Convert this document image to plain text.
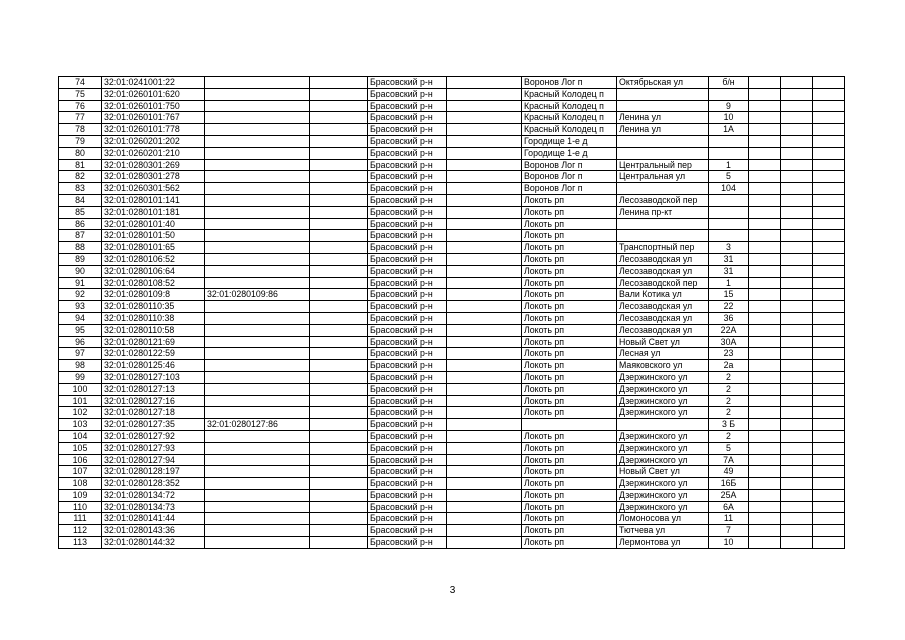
74	32:01:0241001:22			Брасовский р-н		Воронов Лог п	Октябрьская ул	б/н			
75	32:01:0260101:620			Брасовский р-н		Красный Колодец п					
76	32:01:0260101:750			Брасовский р-н		Красный Колодец п		9			
77	32:01:0260101:767			Брасовский р-н		Красный Колодец п	Ленина ул	10			
78	32:01:0260101:778			Брасовский р-н		Красный Колодец п	Ленина ул	1А			
79	32:01:0260201:202			Брасовский р-н		Городище 1-е д					
80	32:01:0260201:210			Брасовский р-н		Городище 1-е д					
81	32:01:0280301:269			Брасовский р-н		Воронов Лог п	Центральный пер	1			
82	32:01:0280301:278			Брасовский р-н		Воронов Лог п	Центральная ул	5			
83	32:01:0260301:562			Брасовский р-н		Воронов Лог п		104			
84	32:01:0280101:141			Брасовский р-н		Локоть рп	Лесозаводской пер				
85	32:01:0280101:181			Брасовский р-н		Локоть рп	Ленина пр-кт				
86	32:01:0280101:40			Брасовский р-н		Локоть рп					
87	32:01:0280101:50			Брасовский р-н		Локоть рп					
88	32:01:0280101:65			Брасовский р-н		Локоть рп	Транспортный пер	3			
89	32:01:0280106:52			Брасовский р-н		Локоть рп	Лесозаводская ул	31			
90	32:01:0280106:64			Брасовский р-н		Локоть рп	Лесозаводская ул	31			
91	32:01:0280108:52			Брасовский р-н		Локоть рп	Лесозаводской пер	1			
92	32:01:0280109:8	32:01:0280109:86		Брасовский р-н		Локоть рп	Вали Котика ул	15			
93	32:01:0280110:35			Брасовский р-н		Локоть рп	Лесозаводская ул	22			
94	32:01:0280110:38			Брасовский р-н		Локоть рп	Лесозаводская ул	36			
95	32:01:0280110:58			Брасовский р-н		Локоть рп	Лесозаводская ул	22А			
96	32:01:0280121:69			Брасовский р-н		Локоть рп	Новый Свет ул	30А			
97	32:01:0280122:59			Брасовский р-н		Локоть рп	Лесная ул	23			
98	32:01:0280125:46			Брасовский р-н		Локоть рп	Маяковского ул	2а			
99	32:01:0280127:103			Брасовский р-н		Локоть рп	Дзержинского ул	2			
100	32:01:0280127:13			Брасовский р-н		Локоть рп	Дзержинского ул	2			
101	32:01:0280127:16			Брасовский р-н		Локоть рп	Дзержинского ул	2			
102	32:01:0280127:18			Брасовский р-н		Локоть рп	Дзержинского ул	2			
103	32:01:0280127:35	32:01:0280127:86		Брасовский р-н				3 Б			
104	32:01:0280127:92			Брасовский р-н		Локоть рп	Дзержинского ул	2			
105	32:01:0280127:93			Брасовский р-н		Локоть рп	Дзержинского ул	5			
106	32:01:0280127:94			Брасовский р-н		Локоть рп	Дзержинского ул	7А			
107	32:01:0280128:197			Брасовский р-н		Локоть рп	Новый Свет ул	49			
108	32:01:0280128:352			Брасовский р-н		Локоть рп	Дзержинского ул	16Б			
109	32:01:0280134:72			Брасовский р-н		Локоть рп	Дзержинского ул	25А			
110	32:01:0280134:73			Брасовский р-н		Локоть рп	Дзержинского ул	6А			
111	32:01:0280141:44			Брасовский р-н		Локоть рп	Ломоносова ул	11			
112	32:01:0280143:36			Брасовский р-н		Локоть рп	Тютчева ул	7			
113	32:01:0280144:32			Брасовский р-н		Локоть рп	Лермонтова ул	10			
3
